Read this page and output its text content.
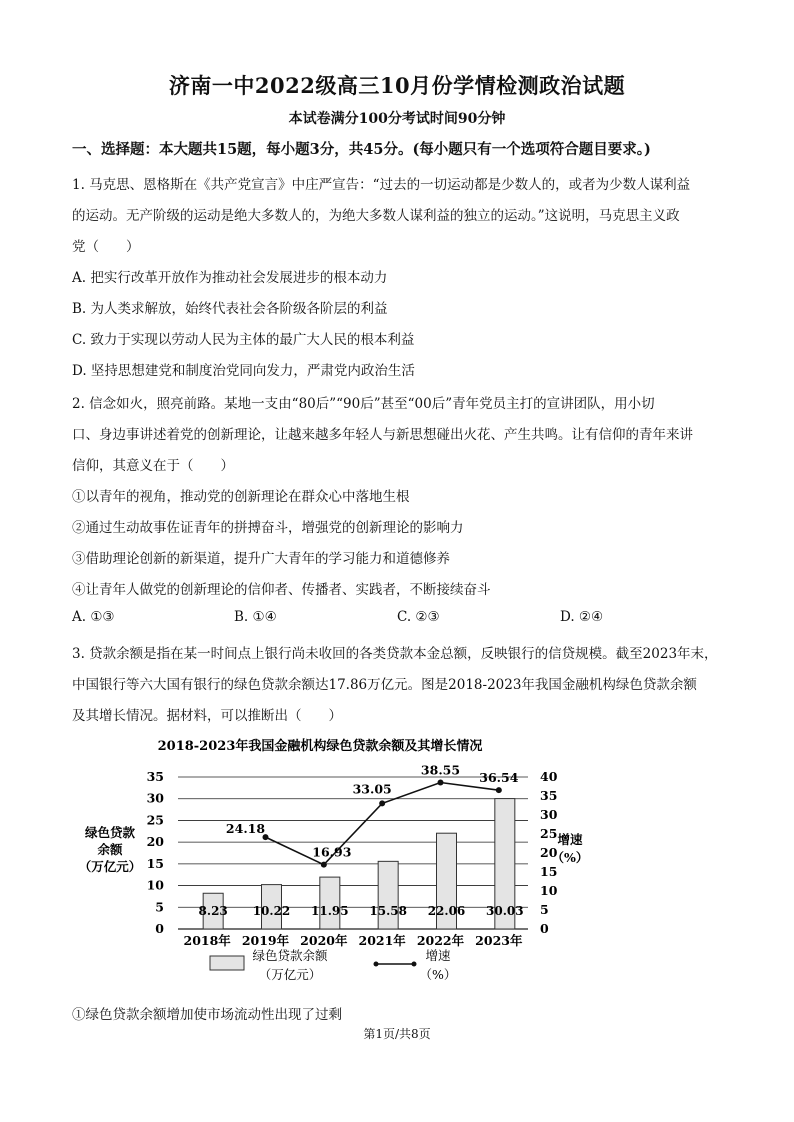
济南一中2022级高三10月份学情检测政治试题
本试卷满分100分考试时间90分钟
一、选择题：本大题共15题，每小题3分，共45分。(每小题只有一个选项符合题目要求。)
1. 马克思、恩格斯在《共产党宣言》中庄严宣告：“过去的一切运动都是少数人的，或者为少数人谋利益
的运动。无产阶级的运动是绝大多数人的，为绝大多数人谋利益的独立的运动。”这说明，马克思主义政
党（　　）
A. 把实行改革开放作为推动社会发展进步的根本动力
B. 为人类求解放，始终代表社会各阶级各阶层的利益
C. 致力于实现以劳动人民为主体的最广大人民的根本利益
D. 坚持思想建党和制度治党同向发力，严肃党内政治生活
2. 信念如火，照亮前路。某地一支由“80后”“90后”甚至“00后”青年党员主打的宣讲团队，用小切
口、身边事讲述着党的创新理论，让越来越多年轻人与新思想碰出火花、产生共鸣。让有信仰的青年来讲
信仰，其意义在于（　　）
①以青年的视角，推动党的创新理论在群众心中落地生根
②通过生动故事佐证青年的拼搏奋斗，增强党的创新理论的影响力
③借助理论创新的新渠道，提升广大青年的学习能力和道德修养
④让青年人做党的创新理论的信仰者、传播者、实践者，不断接续奋斗
A. ①③	B. ①④	C. ②③	D. ②④
3. 贷款余额是指在某一时间点上银行尚未收回的各类贷款本金总额，反映银行的信贷规模。截至2023年末，
中国银行等六大国有银行的绿色贷款余额达17.86万亿元。图是2018-2023年我国金融机构绿色贷款余额
及其增长情况。据材料，可以推断出（　　）
2018-2023年我国金融机构绿色贷款余额及其增长情况
0
5
10
15
20
25
30
35
0
5
10
15
20
25
30
35
40
绿色贷款
余额
（万亿元）
增速
（%）
8.23 10.22 11.95 15.58 22.06 30.03
24.18
16.93
33.05
38.55
36.54
2018年 2019年 2020年 2021年 2022年 2023年
绿色贷款余额
（万亿元）
增速
（%）
①绿色贷款余额增加使市场流动性出现了过剩
第1页/共8页
